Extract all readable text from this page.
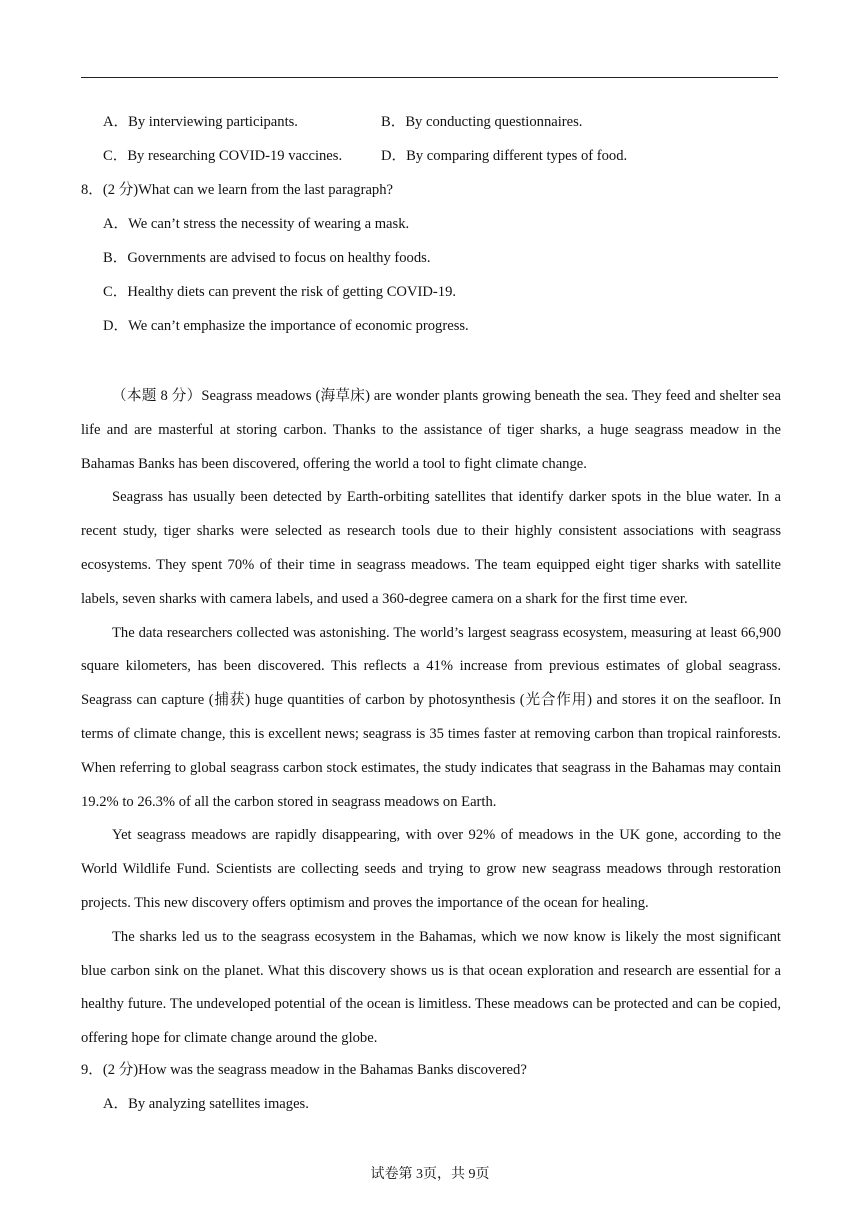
A．By interviewing participants.	B．By conducting questionnaires.
C．By researching COVID-19 vaccines.	D．By comparing different types of food.
8．(2 分)What can we learn from the last paragraph?
A．We can’t stress the necessity of wearing a mask.
B．Governments are advised to focus on healthy foods.
C．Healthy diets can prevent the risk of getting COVID-19.
D．We can’t emphasize the importance of economic progress.

（本题 8 分）Seagrass meadows (海草床) are wonder plants growing beneath the sea. They feed and shelter sea life and are masterful at storing carbon. Thanks to the assistance of tiger sharks, a huge seagrass meadow in the Bahamas Banks has been discovered, offering the world a tool to fight climate change.

Seagrass has usually been detected by Earth-orbiting satellites that identify darker spots in the blue water. In a recent study, tiger sharks were selected as research tools due to their highly consistent associations with seagrass ecosystems. They spent 70% of their time in seagrass meadows. The team equipped eight tiger sharks with satellite labels, seven sharks with camera labels, and used a 360-degree camera on a shark for the first time ever.

The data researchers collected was astonishing. The world’s largest seagrass ecosystem, measuring at least 66,900 square kilometers, has been discovered. This reflects a 41% increase from previous estimates of global seagrass. Seagrass can capture (捕获) huge quantities of carbon by photosynthesis (光合作用) and stores it on the seafloor. In terms of climate change, this is excellent news; seagrass is 35 times faster at removing carbon than tropical rainforests. When referring to global seagrass carbon stock estimates, the study indicates that seagrass in the Bahamas may contain 19.2% to 26.3% of all the carbon stored in seagrass meadows on Earth.

Yet seagrass meadows are rapidly disappearing, with over 92% of meadows in the UK gone, according to the World Wildlife Fund. Scientists are collecting seeds and trying to grow new seagrass meadows through restoration projects. This new discovery offers optimism and proves the importance of the ocean for healing.

The sharks led us to the seagrass ecosystem in the Bahamas, which we now know is likely the most significant blue carbon sink on the planet. What this discovery shows us is that ocean exploration and research are essential for a healthy future. The undeveloped potential of the ocean is limitless. These meadows can be protected and can be copied, offering hope for climate change around the globe.

9．(2 分)How was the seagrass meadow in the Bahamas Banks discovered?
A．By analyzing satellites images.
试卷第 3页，共 9页
